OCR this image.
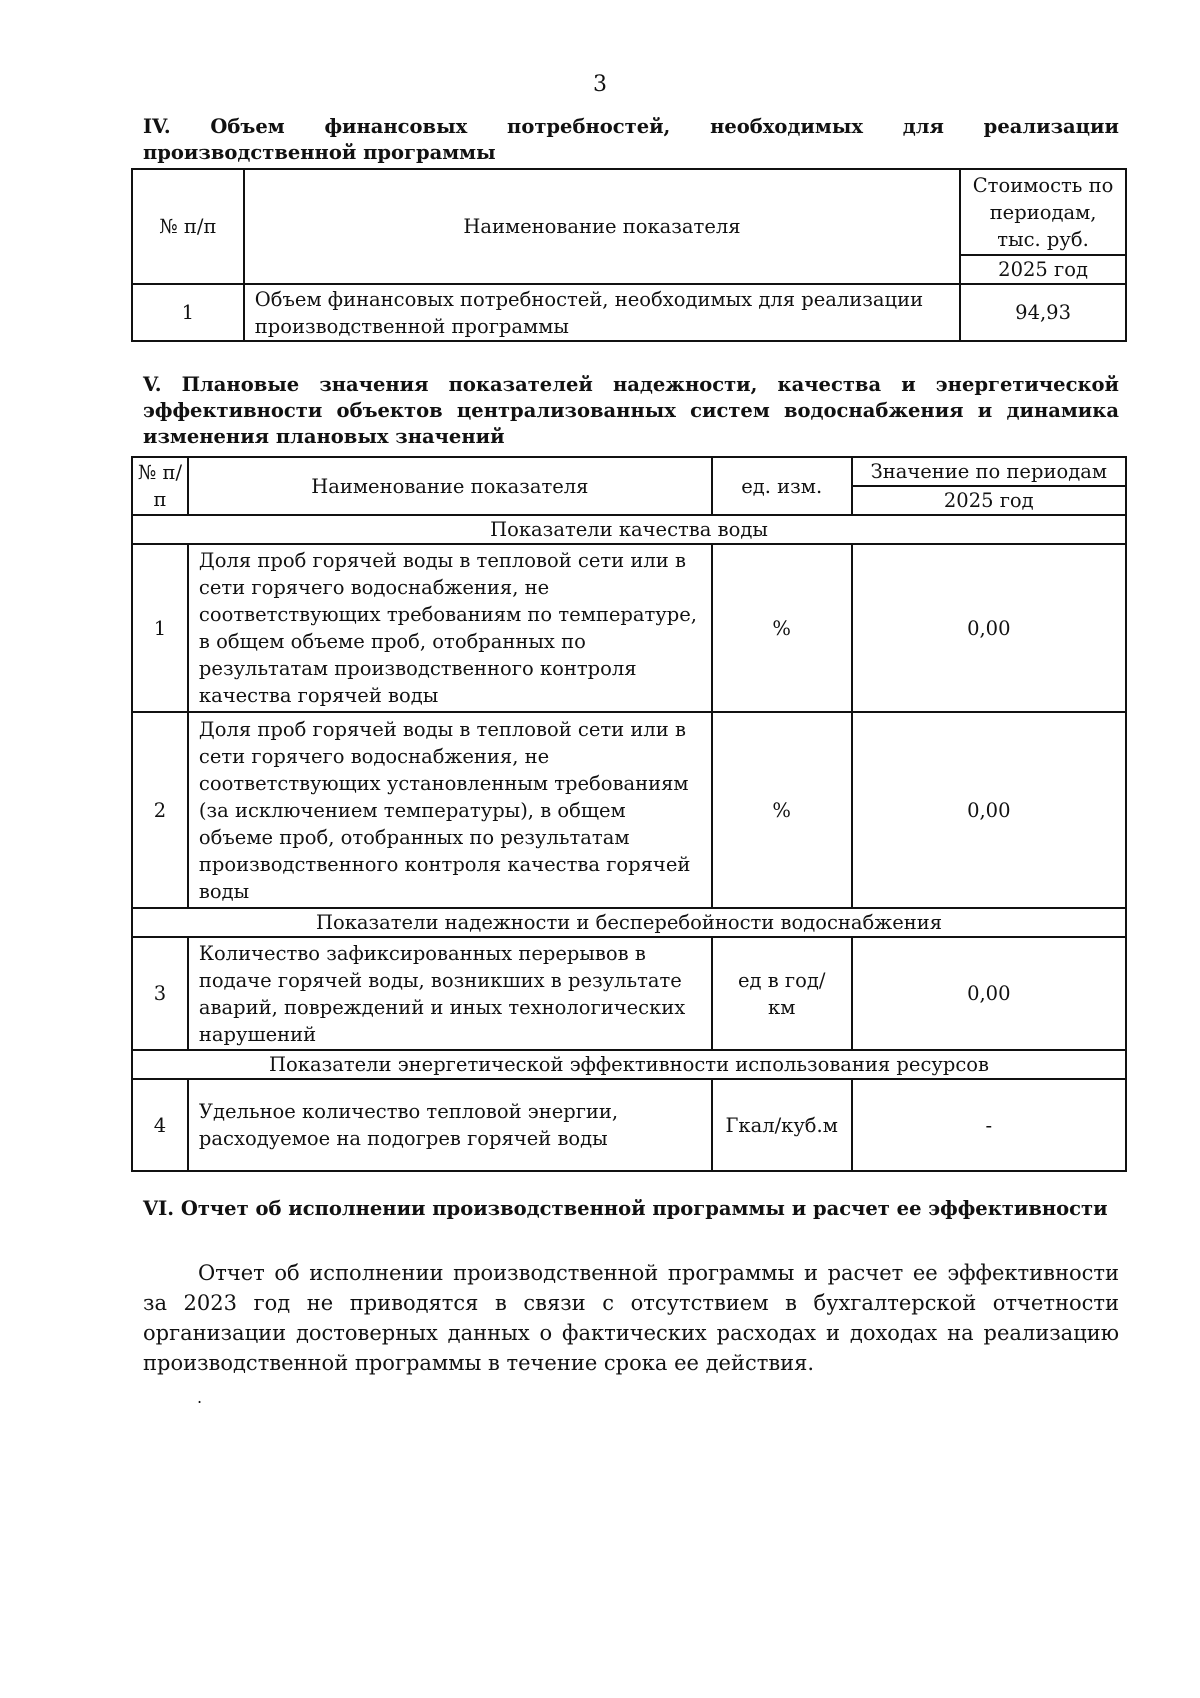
3
IV. Объем финансовых потребностей, необходимых для реализации производственной программы
№ п/п	Наименование показателя	Стоимость по периодам, тыс. руб.
		2025 год
1	Объем финансовых потребностей, необходимых для реализации производственной программы	94,93
V. Плановые значения показателей надежности, качества и энергетической эффективности объектов централизованных систем водоснабжения и динамика изменения плановых значений
№ п/п	Наименование показателя	ед. изм.	Значение по периодам
			2025 год
Показатели качества воды			
1	Доля проб горячей воды в тепловой сети или в сети горячего водоснабжения, не соответствующих требованиям по температуре, в общем объеме проб, отобранных по результатам производственного контроля качества горячей воды	%	0,00
2	Доля проб горячей воды в тепловой сети или в сети горячего водоснабжения, не соответствующих установленным требованиям (за исключением температуры), в общем объеме проб, отобранных по результатам производственного контроля качества горячей воды	%	0,00
Показатели надежности и бесперебойности водоснабжения			
3	Количество зафиксированных перерывов в подаче горячей воды, возникших в результате аварий, повреждений и иных технологических нарушений	ед в год/ км	0,00
Показатели энергетической эффективности использования ресурсов			
4	Удельное количество тепловой энергии, расходуемое на подогрев горячей воды	Гкал/куб.м	-
VI. Отчет об исполнении производственной программы и расчет ее эффективности
Отчет об исполнении производственной программы и расчет ее эффективности за 2023 год не приводятся в связи с отсутствием в бухгалтерской отчетности организации достоверных данных о фактических расходах и доходах на реализацию производственной программы в течение срока ее действия.
.
